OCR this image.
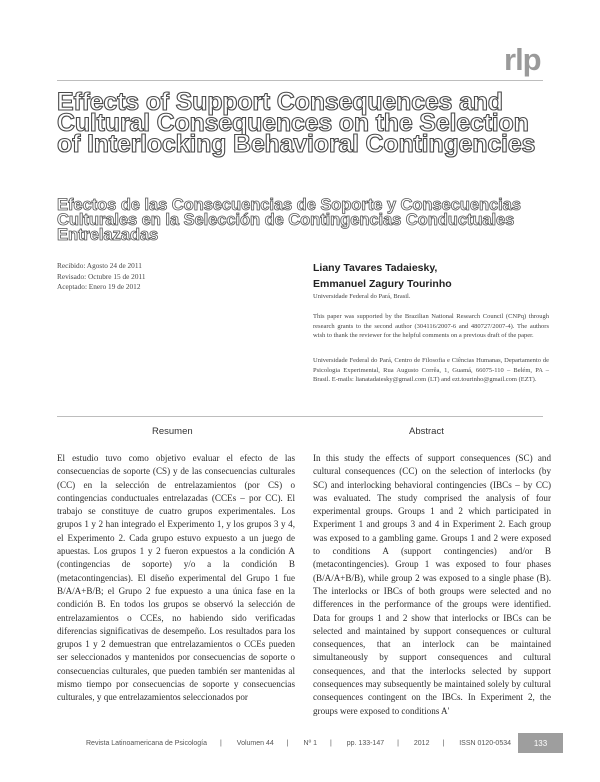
rlp
Effects of Support Consequences and Cultural Consequences on the Selection of Interlocking Behavioral Contingencies
Efectos de las Consecuencias de Soporte y Consecuencias Culturales en la Selección de Contingencias Conductuales Entrelazadas
Recibido: Agosto 24 de 2011
Revisado: Octubre 15 de 2011
Aceptado: Enero 19 de 2012
Liany Tavares Tadaiesky,
Emmanuel Zagury Tourinho
Universidade Federal do Pará, Brasil.

This paper was supported by the Brazilian National Research Council (CNPq) through research grants to the second author (304116/2007-6 and 480727/2007-4). The authors wish to thank the reviewer for the helpful comments on a previous draft of the paper.

Universidade Federal do Pará, Centro de Filosofia e Ciências Humanas, Departamento de Psicologia Experimental, Rua Augusto Corrêa, 1, Guamá, 66075-110 – Belém, PA – Brasil. E-mails: lianatadaiesky@gmail.com (LT) and ezt.tourinho@gmail.com (EZT).

Resumen	Abstract

El estudio tuvo como objetivo evaluar el efecto de las consecuencias de soporte (CS) y de las consecuencias culturales (CC) en la selección de entrelazamientos (por CS) o contingencias conductuales entrelazadas (CCEs – por CC). El trabajo se constituye de cuatro grupos experimentales. Los grupos 1 y 2 han integrado el Experimento 1, y los grupos 3 y 4, el Experimento 2. Cada grupo estuvo expuesto a un juego de apuestas. Los grupos 1 y 2 fueron expuestos a la condición A (contingencias de soporte) y/o a la condición B (metacontingencias). El diseño experimental del Grupo 1 fue B/A/A+B/B; el Grupo 2 fue expuesto a una única fase en la condición B. En todos los grupos se observó la selección de entrelazamientos o CCEs, no habiendo sido verificadas diferencias significativas de desempeño. Los resultados para los grupos 1 y 2 demuestran que entrelazamientos o CCEs pueden ser seleccionados y mantenidos por consecuencias de soporte o consecuencias culturales, que pueden también ser mantenidas al mismo tiempo por consecuencias de soporte y consecuencias culturales, y que entrelazamientos seleccionados por

In this study the effects of support consequences (SC) and cultural consequences (CC) on the selection of interlocks (by SC) and interlocking behavioral contingencies (IBCs – by CC) was evaluated. The study comprised the analysis of four experimental groups. Groups 1 and 2 which participated in Experiment 1 and groups 3 and 4 in Experiment 2. Each group was exposed to a gambling game. Groups 1 and 2 were exposed to conditions A (support contingencies) and/or B (metacontingencies). Group 1 was exposed to four phases (B/A/A+B/B), while group 2 was exposed to a single phase (B). The interlocks or IBCs of both groups were selected and no differences in the performance of the groups were identified. Data for groups 1 and 2 show that interlocks or IBCs can be selected and maintained by support consequences or cultural consequences, that an interlock can be maintained simultaneously by support consequences and cultural consequences, and that the interlocks selected by support consequences may subsequently be maintained solely by cultural consequences contingent on the IBCs. In Experiment 2, the groups were exposed to conditions A'

Revista Latinoamericana de Psicología | Volumen 44 | Nº 1 | pp. 133-147 | 2012 | ISSN 0120-0534	133
